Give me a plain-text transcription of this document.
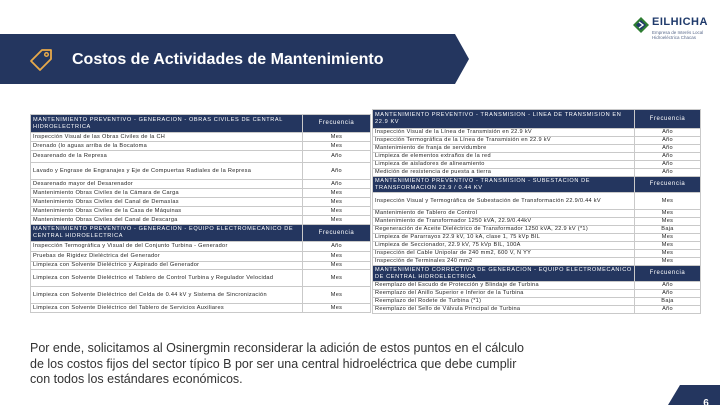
EILHICHA
Empresa de Interés Local Hidroeléctrica Chacas
Costos de Actividades de Mantenimiento
MANTENIMIENTO PREVENTIVO - GENERACION - OBRAS CIVILES DE CENTRAL HIDROELECTRICA	Frecuencia
Inspección Visual de las Obras Civiles de la CH	Mes
Drenado (lo aguas arriba de la Bocatoma	Mes
Desarenado de la Represa	Año
Lavado y Engrase de Engranajes y Eje de Compuertas Radiales de la Represa	Año
Desarenado mayor del Desarenador	Año
Mantenimiento Obras Civiles de la Cámara de Carga	Mes
Mantenimiento Obras Civiles del Canal de Demasías	Mes
Mantenimiento Obras Civiles de la Casa de Máquinas	Mes
Mantenimiento Obras Civiles del Canal de Descarga	Mes
MANTENIMIENTO PREVENTIVO - GENERACION - EQUIPO ELECTROMECANICO DE CENTRAL HIDROELECTRICA	Frecuencia
Inspección Termográfica y Visual de del Conjunto Turbina - Generador	Año
Pruebas de Rigidez Dieléctrica del Generador	Mes
Limpieza con Solvente Dieléctrico y Aspirado del Generador	Mes
Limpieza con Solvente Dieléctrico el Tablero de Control Turbina y Regulador Velocidad	Mes
Limpieza con Solvente Dieléctrico del Celda de 0.44 kV y Sistema de Sincronización	Mes
Limpieza con Solvente Dieléctrico del Tablero de Servicios Auxiliares	Mes
MANTENIMIENTO PREVENTIVO - TRANSMISION - LINEA DE TRANSMISION EN 22.9 KV	Frecuencia
Inspección Visual de la Línea de Transmisión en 22.9 kV	Año
Inspección Termográfica de la Línea de Transmisión en 22.9 kV	Año
Mantenimiento de franja de servidumbre	Año
Limpieza de elementos extraños de la red	Año
Limpieza de aisladores de alineamiento	Año
Medición de resistencia de puesta a tierra	Año
MANTENIMIENTO PREVENTIVO - TRANSMISION - SUBESTACION DE TRANSFORMACION 22.9 / 0.44 KV	Frecuencia
Inspección Visual y Termográfica de Subestación de Transformación 22.9/0.44 kV	Mes
Mantenimiento de Tablero de Control	Mes
Mantenimiento de Transformador 1250 kVA, 22.9/0.44kV	Mes
Regeneración de Aceite Dieléctrico de Transformador 1250 kVA, 22.9 kV (*1)	Baja
Limpieza de Pararrayos 22.9 kV, 10 kA, clase 1, 75 kVp BIL	Mes
Limpieza de Seccionador, 22.9 kV, 75 kVp BIL, 100A	Mes
Inspección del Cable Unipolar de 240 mm2, 600 V, N YY	Mes
Inspección de Terminales 240 mm2	Mes
MANTENIMIENTO CORRECTIVO DE GENERACION - EQUIPO ELECTROMECANICO DE CENTRAL HIDROELECTRICA	Frecuencia
Reemplazo del Escudo de Protección y Blindaje de Turbina	Año
Reemplazo del Anillo Superior e Inferior de la Turbina	Año
Reemplazo del Rodete de Turbina (*1)	Baja
Reemplazo del Sello de Válvula Principal de Turbina	Año

Por ende, solicitamos al Osinergmin reconsiderar la adición de estos puntos en el cálculo de los costos fijos del sector típico B por ser una central hidroeléctrica que debe cumplir con todos los estándares económicos.

6
